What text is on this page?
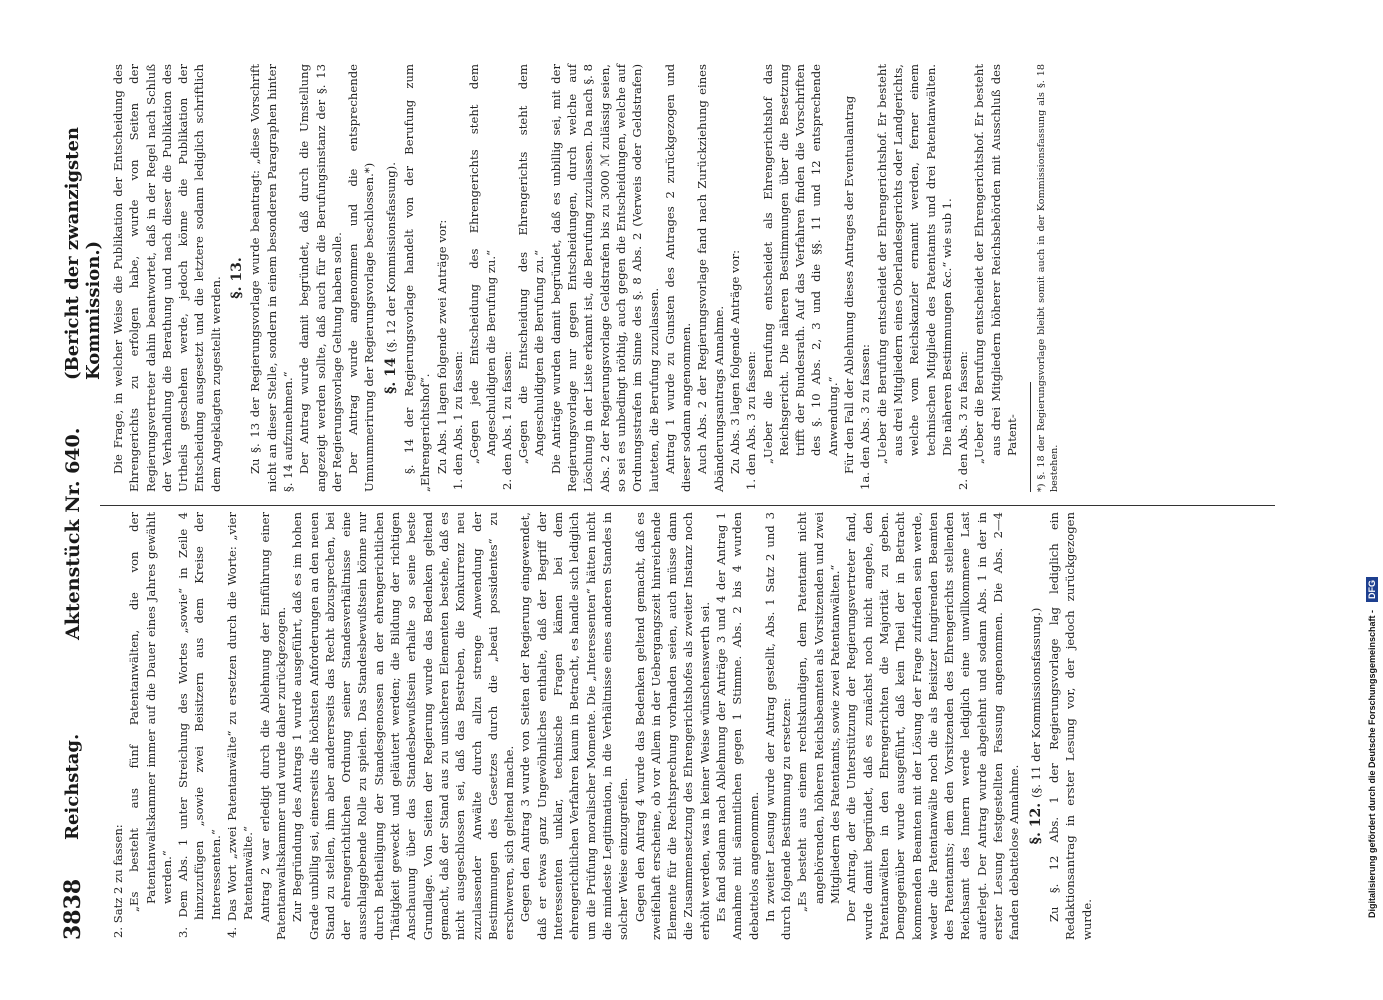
3838
Reichstag.
Aktenstück Nr. 640.
(Bericht der zwanzigsten Kommission.)

2. Satz 2 zu fassen: „Es besteht aus fünf Patentanwälten, die von der Patentanwaltskammer immer auf die Dauer eines Jahres gewählt werden.“ 3. Dem Abs. 1 unter Streichung des Wortes „sowie“ in Zeile 4 hinzuzufügen „sowie zwei Beisitzern aus dem Kreise der Interessenten.“ 4. Das Wort „zwei Patentanwälte“ zu ersetzen durch die Worte: „vier Patentanwälte.“ Antrag 2 war erledigt durch die Ablehnung der Einführung einer Patentanwaltskammer und wurde daher zurückgezogen. Zur Begründung des Antrags 1 wurde ausgeführt, daß es im hohen Grade unbillig sei, einerseits die höchsten Anforderungen an den neuen Stand zu stellen, ihm aber andererseits das Recht abzusprechen, bei der ehrengerichtlichen Ordnung seiner Standesverhältnisse eine ausschlaggebende Rolle zu spielen. Das Standesbewußtsein könne nur durch Betheiligung der Standesgenossen an der ehrengerichtlichen Thätigkeit geweckt und geläutert werden; die Bildung der richtigen Anschauung über das Standesbewußtsein erhalte so seine beste Grundlage. Von Seiten der Regierung wurde das Bedenken geltend gemacht, daß der Stand aus zu unsicheren Elementen bestehe, daß es nicht ausgeschlossen sei, daß das Bestreben, die Konkurrenz neu zuzulassender Anwälte durch allzu strenge Anwendung der Bestimmungen des Gesetzes durch die „beati possidentes“ zu erschweren, sich geltend mache. Gegen den Antrag 3 wurde von Seiten der Regierung eingewendet, daß er etwas ganz Ungewöhnliches enthalte, daß der Begriff der Interessenten unklar, technische Fragen kämen bei dem ehrengerichtlichen Verfahren kaum in Betracht, es handle sich lediglich um die Prüfung moralischer Momente. Die „Interessenten“ hätten nicht die mindeste Legitimation, in die Verhältnisse eines anderen Standes in solcher Weise einzugreifen. Gegen den Antrag 4 wurde das Bedenken geltend gemacht, daß es zweifelhaft erscheine, ob vor Allem in der Uebergangszeit hinreichende Elemente für die Rechtsprechung vorhanden seien, auch müsse dann die Zusammensetzung des Ehrengerichtshofes als zweiter Instanz noch erhöht werden, was in keiner Weise wünschenswerth sei. Es fand sodann nach Ablehnung der Anträge 3 und 4 der Antrag 1 Annahme mit sämmtlichen gegen 1 Stimme. Abs. 2 bis 4 wurden debattelos angenommen. In zweiter Lesung wurde der Antrag gestellt, Abs. 1 Satz 2 und 3 durch folgende Bestimmung zu ersetzen: „Es besteht aus einem rechtskundigen, dem Patentamt nicht angehörenden, höheren Reichsbeamten als Vorsitzenden und zwei Mitgliedern des Patentamts, sowie zwei Patentanwälten.“ Der Antrag, der die Unterstützung der Regierungsvertreter fand, wurde damit begründet, daß es zunächst noch nicht angehe, den Patentanwälten in den Ehrengerichten die Majorität zu geben. Demgegenüber wurde ausgeführt, daß kein Theil der in Betracht kommenden Beamten mit der Lösung der Frage zufrieden sein werde, weder die Patentanwälte noch die als Beisitzer fungirenden Beamten des Patentamts; dem den Vorsitzenden des Ehrengerichts stellenden Reichsamt des Innern werde lediglich eine unwillkommene Last auferlegt. Der Antrag wurde abgelehnt und sodann Abs. 1 in der in erster Lesung festgestellten Fassung angenommen. Die Abs. 2—4 fanden debattelose Annahme. §. 12. (§. 11 der Kommissionsfassung.) Zu §. 12 Abs. 1 der Regierungsvorlage lag lediglich ein Redaktionsantrag in erster Lesung vor, der jedoch zurückgezogen wurde.

Die Frage, in welcher Weise die Publikation der Entscheidung des Ehrengerichts zu erfolgen habe, wurde von Seiten der Regierungsvertreter dahin beantwortet, daß in der Regel nach Schluß der Verhandlung die Berathung und nach dieser die Publikation des Urtheils geschehen werde, jedoch könne die Publikation der Entscheidung ausgesetzt und die letztere sodann lediglich schriftlich dem Angeklagten zugestellt werden. §. 13. Zu §. 13 der Regierungsvorlage wurde beantragt: „diese Vorschrift nicht an dieser Stelle, sondern in einem besonderen Paragraphen hinter §. 14 aufzunehmen.“ Der Antrag wurde damit begründet, daß durch die Umstellung angezeigt werden sollte, daß auch für die Berufungsinstanz der §. 13 der Regierungsvorlage Geltung haben solle. Der Antrag wurde angenommen und die entsprechende Umnummerirung der Regierungsvorlage beschlossen.*) §. 14 (§. 12 der Kommissionsfassung). §. 14 der Regierungsvorlage handelt von der Berufung zum „Ehrengerichtshof“. Zu Abs. 1 lagen folgende zwei Anträge vor: 1. den Abs. 1 zu fassen: „Gegen jede Entscheidung des Ehrengerichts steht dem Angeschuldigten die Berufung zu.“ 2. den Abs. 1 zu fassen: „Gegen die Entscheidung des Ehrengerichts steht dem Angeschuldigten die Berufung zu.“ Die Anträge wurden damit begründet, daß es unbillig sei, mit der Regierungsvorlage nur gegen Entscheidungen, durch welche auf Löschung in der Liste erkannt ist, die Berufung zuzulassen. Da nach §. 8 Abs. 2 der Regierungsvorlage Geldstrafen bis zu 3000 ℳ zulässig seien, so sei es unbedingt nöthig, auch gegen die Entscheidungen, welche auf Ordnungsstrafen im Sinne des §. 8 Abs. 2 (Verweis oder Geldstrafen) lauteten, die Berufung zuzulassen. Antrag 1 wurde zu Gunsten des Antrages 2 zurückgezogen und dieser sodann angenommen. Auch Abs. 2 der Regierungsvorlage fand nach Zurückziehung eines Abänderungsantrags Annahme. Zu Abs. 3 lagen folgende Anträge vor: 1. den Abs. 3 zu fassen: „Ueber die Berufung entscheidet als Ehrengerichtshof das Reichsgericht. Die näheren Bestimmungen über die Besetzung trifft der Bundesrath. Auf das Verfahren finden die Vorschriften des §. 10 Abs. 2, 3 und die §§. 11 und 12 entsprechende Anwendung.“ Für den Fall der Ablehnung dieses Antrages der Eventualantrag 1a. den Abs. 3 zu fassen: „Ueber die Berufung entscheidet der Ehrengerichtshof. Er besteht aus drei Mitgliedern eines Oberlandesgerichts oder Landgerichts, welche vom Reichskanzler ernannt werden, ferner einem technischen Mitgliede des Patentamts und drei Patentanwälten. Die näheren Bestimmungen &c.“ wie sub 1. 2. den Abs. 3 zu fassen: „Ueber die Berufung entscheidet der Ehrengerichtshof. Er besteht aus drei Mitgliedern höherer Reichsbehörden mit Ausschluß des Patent- *) §. 18 der Regierungsvorlage bleibt somit auch in der Kommissionsfassung als §. 18 bestehen.

Digitalisierung gefördert durch die Deutsche Forschungsgemeinschaft -
DFG
